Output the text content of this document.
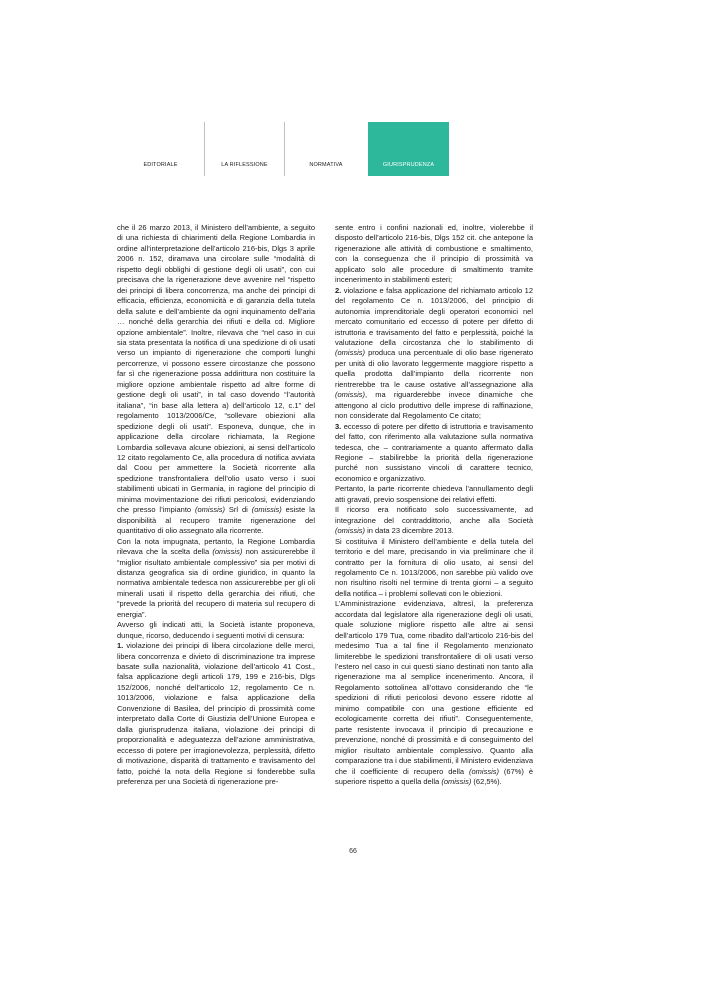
EDITORIALE	LA RIFLESSIONE	NORMATIVA	GIURISPRUDENZA

che il 26 marzo 2013, il Ministero dell’ambiente, a seguito di una richiesta di chiarimenti della Regione Lombardia in ordine all’interpretazione dell’articolo 216-bis, Dlgs 3 aprile 2006 n. 152, diramava una circolare sulle “modalità di rispetto degli obblighi di gestione degli oli usati”, con cui precisava che la rigenerazione deve avvenire nel “rispetto dei principi di libera concorrenza, ma anche dei principi di efficacia, efficienza, economicità e di garanzia della tutela della salute e dell’ambiente da ogni inquinamento dell’aria … nonché della gerarchia dei rifiuti e della cd. Migliore opzione ambientale”. Inoltre, rilevava che “nel caso in cui sia stata presentata la notifica di una spedizione di oli usati verso un impianto di rigenerazione che comporti lunghi percorrenze, vi possono essere circostanze che possono far sì che rigenerazione possa addirittura non costituire la migliore opzione ambientale rispetto ad altre forme di gestione degli oli usati”, in tal caso dovendo “l’autorità italiana”, “in base alla lettera a) dell’articolo 12, c.1” del regolamento 1013/2006/Ce, “sollevare obiezioni alla spedizione degli oli usati”. Esponeva, dunque, che in applicazione della circolare richiamata, la Regione Lombardia sollevava alcune obiezioni, ai sensi dell’articolo 12 citato regolamento Ce, alla procedura di notifica avviata dal Coou per ammettere la Società ricorrente alla spedizione transfrontaliera dell’olio usato verso i suoi stabilimenti ubicati in Germania, in ragione del principio di minima movimentazione dei rifiuti pericolosi, evidenziando che presso l’impianto (omissis) Srl di (omissis) esiste la disponibilità al recupero tramite rigenerazione del quantitativo di olio assegnato alla ricorrente.

Con la nota impugnata, pertanto, la Regione Lombardia rilevava che la scelta della (omissis) non assicurerebbe il “miglior risultato ambientale complessivo” sia per motivi di distanza geografica sia di ordine giuridico, in quanto la normativa ambientale tedesca non assicurerebbe per gli oli minerali usati il rispetto della gerarchia dei rifiuti, che “prevede la priorità del recupero di materia sul recupero di energia”.

Avverso gli indicati atti, la Società istante proponeva, dunque, ricorso, deducendo i seguenti motivi di censura:

1. violazione dei principi di libera circolazione delle merci, libera concorrenza e divieto di discriminazione tra imprese basate sulla nazionalità, violazione dell’articolo 41 Cost., falsa applicazione degli articoli 179, 199 e 216-bis, Dlgs 152/2006, nonché dell’articolo 12, regolamento Ce n. 1013/2006, violazione e falsa applicazione della Convenzione di Basilea, del principio di prossimità come interpretato dalla Corte di Giustizia dell’Unione Europea e dalla giurisprudenza italiana, violazione dei principi di proporzionalità e adeguatezza dell’azione amministrativa, eccesso di potere per irragionevolezza, perplessità, difetto di motivazione, disparità di trattamento e travisamento del fatto, poiché la nota della Regione si fonderebbe sulla preferenza per una Società di rigenerazione pre-

sente entro i confini nazionali ed, inoltre, violerebbe il disposto dell’articolo 216-bis, Dlgs 152 cit. che antepone la rigenerazione alle attività di combustione e smaltimento, con la conseguenza che il principio di prossimità va applicato solo alle procedure di smaltimento tramite incenerimento in stabilimenti esteri;

2. violazione e falsa applicazione del richiamato articolo 12 del regolamento Ce n. 1013/2006, del principio di autonomia imprenditoriale degli operatori economici nel mercato comunitario ed eccesso di potere per difetto di istruttoria e travisamento del fatto e perplessità, poiché la valutazione della circostanza che lo stabilimento di (omissis) produca una percentuale di olio base rigenerato per unità di olio lavorato leggermente maggiore rispetto a quella prodotta dall’impianto della ricorrente non rientrerebbe tra le cause ostative all’assegnazione alla (omissis), ma riguarderebbe invece dinamiche che attengono al ciclo produttivo delle imprese di raffinazione, non considerate dal Regolamento Ce citato;

3. eccesso di potere per difetto di istruttoria e travisamento del fatto, con riferimento alla valutazione sulla normativa tedesca, che – contrariamente a quanto affermato dalla Regione – stabilirebbe la priorità della rigenerazione purché non sussistano vincoli di carattere tecnico, economico e organizzativo.

Pertanto, la parte ricorrente chiedeva l’annullamento degli atti gravati, previo sospensione dei relativi effetti.

Il ricorso era notificato solo successivamente, ad integrazione del contraddittorio, anche alla Società (omissis) in data 23 dicembre 2013.

Si costituiva il Ministero dell’ambiente e della tutela del territorio e del mare, precisando in via preliminare che il contratto per la fornitura di olio usato, ai sensi del regolamento Ce n. 1013/2006, non sarebbe più valido ove non risultino risolti nel termine di trenta giorni – a seguito della notifica – i problemi sollevati con le obiezioni.

L’Amministrazione evidenziava, altresì, la preferenza accordata dal legislatore alla rigenerazione degli oli usati, quale soluzione migliore rispetto alle altre ai sensi dell’articolo 179 Tua, come ribadito dall’articolo 216-bis del medesimo Tua a tal fine il Regolamento menzionato limiterebbe le spedizioni transfrontaliere di oli usati verso l’estero nel caso in cui questi siano destinati non tanto alla rigenerazione ma al semplice incenerimento. Ancora, il Regolamento sottolinea all’ottavo considerando che “le spedizioni di rifiuti pericolosi devono essere ridotte al minimo compatibile con una gestione efficiente ed ecologicamente corretta dei rifiuti”. Conseguentemente, parte resistente invocava il principio di precauzione e prevenzione, nonché di prossimità e di conseguimento del miglior risultato ambientale complessivo. Quanto alla comparazione tra i due stabilimenti, il Ministero evidenziava che il coefficiente di recupero della (omissis) (67%) è superiore rispetto a quella della (omissis) (62,5%).

66
